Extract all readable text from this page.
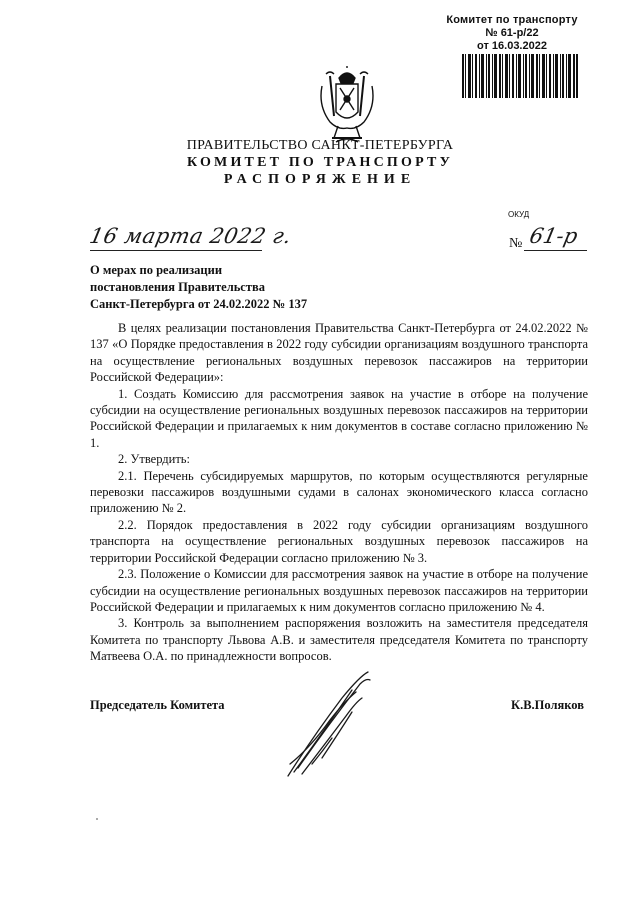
Комитет по транспорту
№ 61-р/22
от 16.03.2022
ПРАВИТЕЛЬСТВО САНКТ-ПЕТЕРБУРГА
КОМИТЕТ ПО ТРАНСПОРТУ
РАСПОРЯЖЕНИЕ
ОКУД
16 марта 2022 г.	№ 61-р
О мерах по реализации
постановления Правительства
Санкт-Петербурга от 24.02.2022 № 137

В целях реализации постановления Правительства Санкт-Петербурга от 24.02.2022 № 137 «О Порядке предоставления в 2022 году субсидии организациям воздушного транспорта на осуществление региональных воздушных перевозок пассажиров на территории Российской Федерации»:

1. Создать Комиссию для рассмотрения заявок на участие в отборе на получение субсидии на осуществление региональных воздушных перевозок пассажиров на территории Российской Федерации и прилагаемых к ним документов в составе согласно приложению № 1.

2. Утвердить:

2.1. Перечень субсидируемых маршрутов, по которым осуществляются регулярные перевозки пассажиров воздушными судами в салонах экономического класса согласно приложению № 2.

2.2. Порядок предоставления в 2022 году субсидии организациям воздушного транспорта на осуществление региональных воздушных перевозок пассажиров на территории Российской Федерации согласно приложению № 3.

2.3. Положение о Комиссии для рассмотрения заявок на участие в отборе на получение субсидии на осуществление региональных воздушных перевозок пассажиров на территории Российской Федерации и прилагаемых к ним документов согласно приложению № 4.

3. Контроль за выполнением распоряжения возложить на заместителя председателя Комитета по транспорту Львова А.В. и заместителя председателя Комитета по транспорту Матвеева О.А. по принадлежности вопросов.

Председатель Комитета	К.В.Поляков
